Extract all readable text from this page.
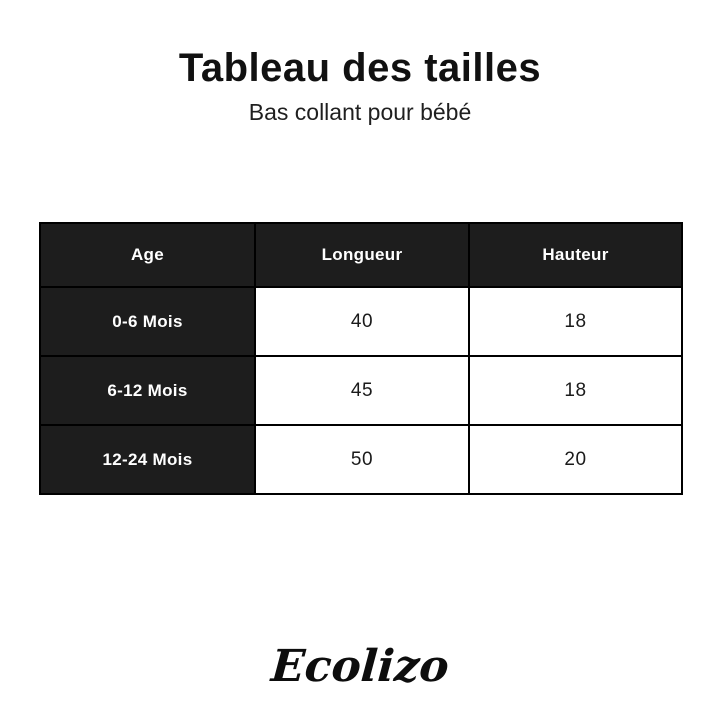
Tableau des tailles

Bas collant pour bébé

Age	Longueur	Hauteur
0-6 Mois	40	18
6-12 Mois	45	18
12-24 Mois	50	20
Ecolizo
